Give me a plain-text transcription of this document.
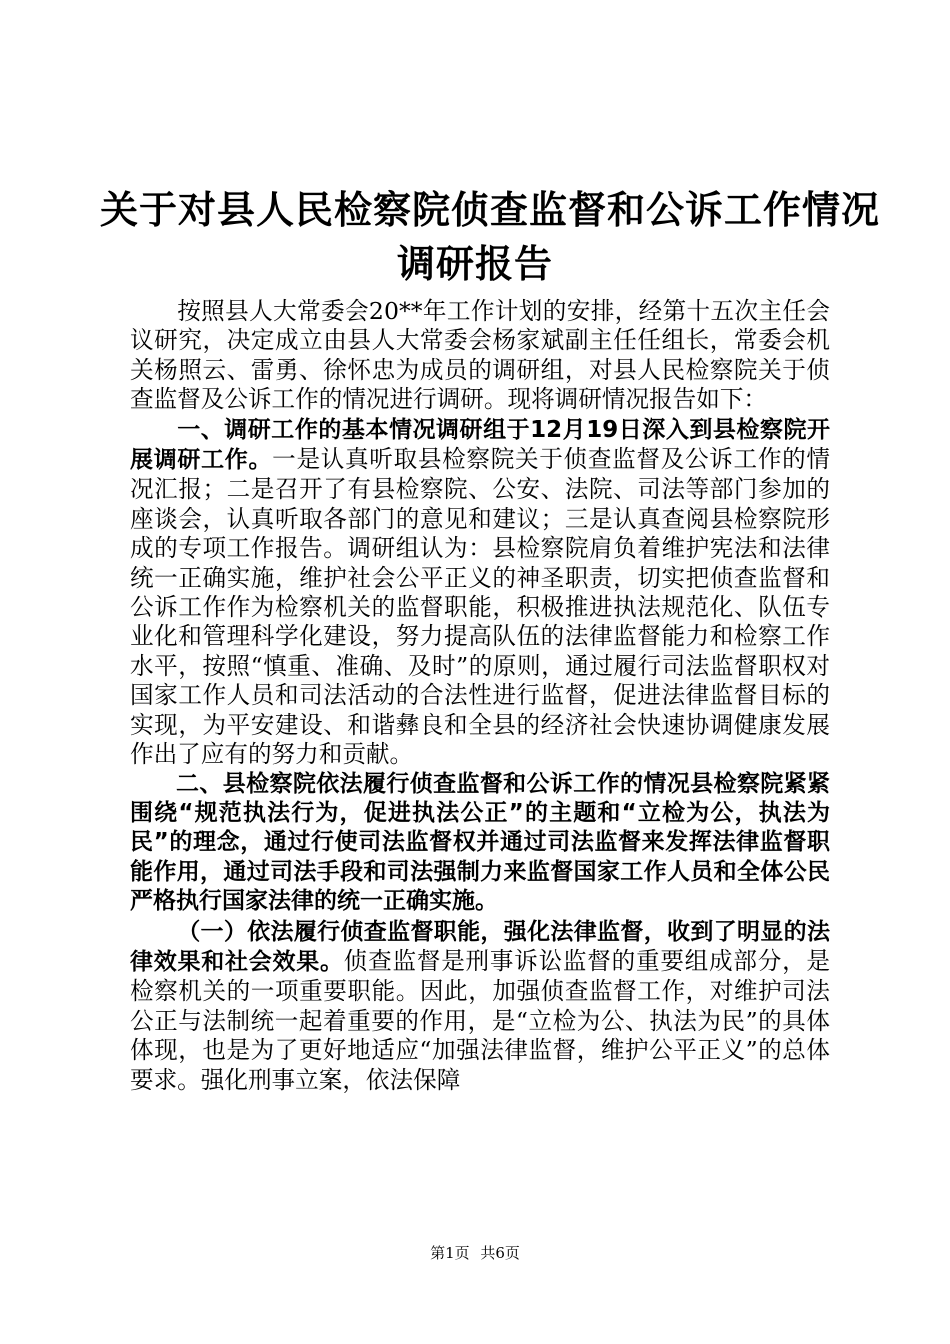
关于对县人民检察院侦查监督和公诉工作情况
调研报告

按照县人大常委会20**年工作计划的安排，经第十五次主任会议研究，决定成立由县人大常委会杨家斌副主任任组长，常委会机关杨照云、雷勇、徐怀忠为成员的调研组，对县人民检察院关于侦查监督及公诉工作的情况进行调研。现将调研情况报告如下：

一、调研工作的基本情况调研组于12月19日深入到县检察院开展调研工作。一是认真听取县检察院关于侦查监督及公诉工作的情况汇报；二是召开了有县检察院、公安、法院、司法等部门参加的座谈会，认真听取各部门的意见和建议；三是认真查阅县检察院形成的专项工作报告。调研组认为：县检察院肩负着维护宪法和法律统一正确实施，维护社会公平正义的神圣职责，切实把侦查监督和公诉工作作为检察机关的监督职能，积极推进执法规范化、队伍专业化和管理科学化建设，努力提高队伍的法律监督能力和检察工作水平，按照“慎重、准确、及时”的原则，通过履行司法监督职权对国家工作人员和司法活动的合法性进行监督，促进法律监督目标的实现，为平安建设、和谐彝良和全县的经济社会快速协调健康发展作出了应有的努力和贡献。

二、县检察院依法履行侦查监督和公诉工作的情况县检察院紧紧围绕“规范执法行为，促进执法公正”的主题和“立检为公，执法为民”的理念，通过行使司法监督权并通过司法监督来发挥法律监督职能作用，通过司法手段和司法强制力来监督国家工作人员和全体公民严格执行国家法律的统一正确实施。

（一）依法履行侦查监督职能，强化法律监督，收到了明显的法律效果和社会效果。侦查监督是刑事诉讼监督的重要组成部分，是检察机关的一项重要职能。因此，加强侦查监督工作，对维护司法公正与法制统一起着重要的作用，是“立检为公、执法为民”的具体体现，也是为了更好地适应“加强法律监督，维护公平正义”的总体要求。强化刑事立案，依法保障

第1页 共6页
